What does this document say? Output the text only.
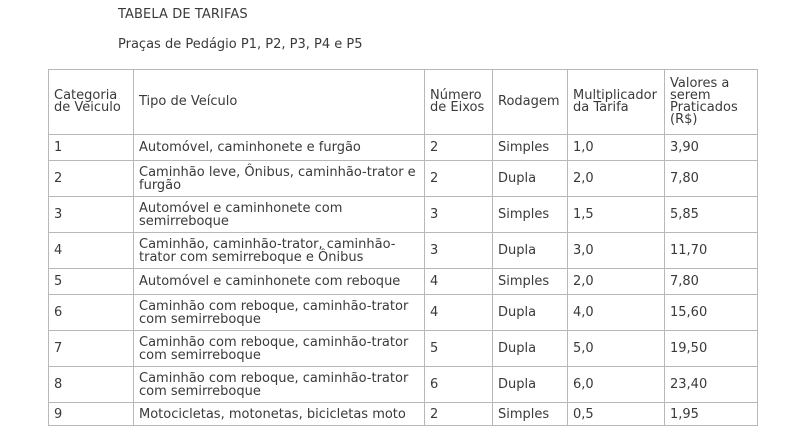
TABELA DE TARIFAS
Praças de Pedágio P1, P2, P3, P4 e P5
Categoria de Veiculo	Tipo de Veículo	Número de Eixos	Rodagem	Multiplicador da Tarifa	Valores a serem Praticados (R$)
1	Automóvel, caminhonete e furgão	2	Simples	1,0	3,90
2	Caminhão leve, Ônibus, caminhão-trator e furgão	2	Dupla	2,0	7,80
3	Automóvel e caminhonete com semirreboque	3	Simples	1,5	5,85
4	Caminhão, caminhão-trator, caminhão-trator com semirreboque e Ônibus	3	Dupla	3,0	11,70
5	Automóvel e caminhonete com reboque	4	Simples	2,0	7,80
6	Caminhão com reboque, caminhão-trator com semirreboque	4	Dupla	4,0	15,60
7	Caminhão com reboque, caminhão-trator com semirreboque	5	Dupla	5,0	19,50
8	Caminhão com reboque, caminhão-trator com semirreboque	6	Dupla	6,0	23,40
9	Motocicletas, motonetas, bicicletas moto	2	Simples	0,5	1,95
